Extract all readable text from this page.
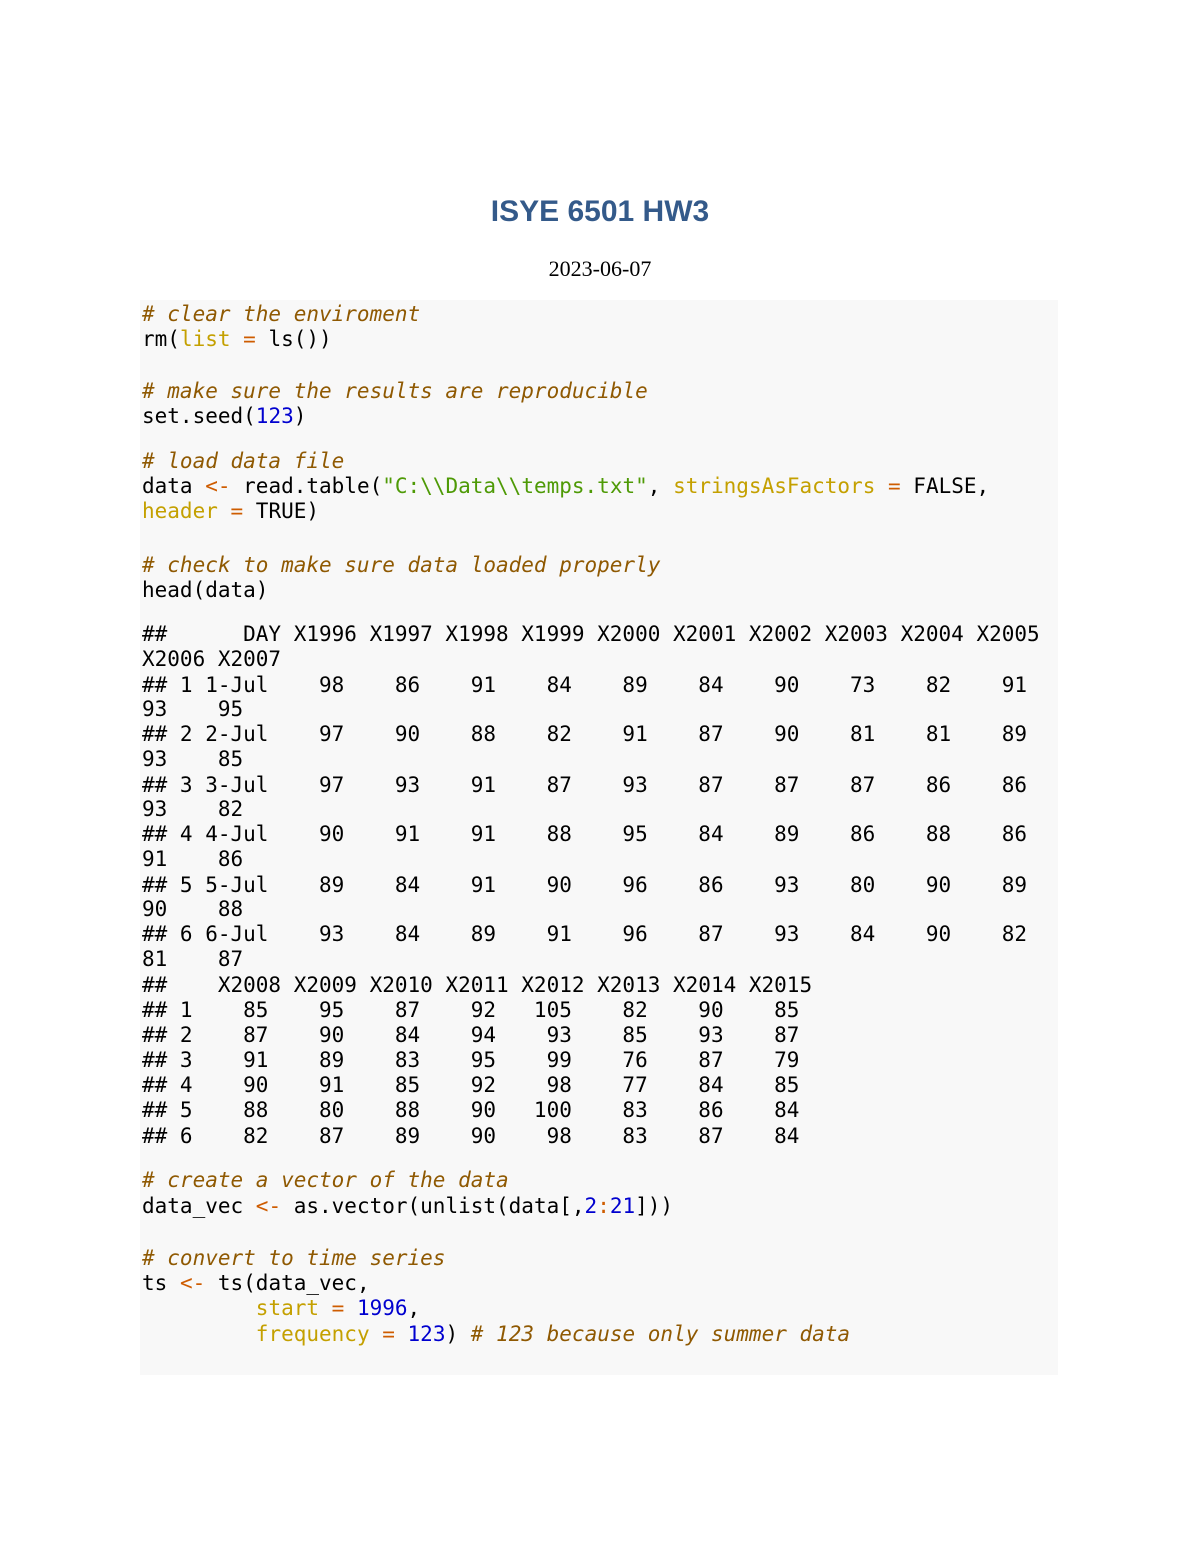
ISYE 6501 HW3
2023-06-07
# clear the enviroment
rm(list = ls())
# make sure the results are reproducible
set.seed(123)
# load data file
data <- read.table("C:\\Data\\temps.txt", stringsAsFactors = FALSE,
header = TRUE)
# check to make sure data loaded properly
head(data)
##      DAY X1996 X1997 X1998 X1999 X2000 X2001 X2002 X2003 X2004 X2005
X2006 X2007
## 1 1-Jul    98    86    91    84    89    84    90    73    82    91
93    95
## 2 2-Jul    97    90    88    82    91    87    90    81    81    89
93    85
## 3 3-Jul    97    93    91    87    93    87    87    87    86    86
93    82
## 4 4-Jul    90    91    91    88    95    84    89    86    88    86
91    86
## 5 5-Jul    89    84    91    90    96    86    93    80    90    89
90    88
## 6 6-Jul    93    84    89    91    96    87    93    84    90    82
81    87
##    X2008 X2009 X2010 X2011 X2012 X2013 X2014 X2015
## 1    85    95    87    92   105    82    90    85
## 2    87    90    84    94    93    85    93    87
## 3    91    89    83    95    99    76    87    79
## 4    90    91    85    92    98    77    84    85
## 5    88    80    88    90   100    83    86    84
## 6    82    87    89    90    98    83    87    84
# create a vector of the data
data_vec <- as.vector(unlist(data[,2:21]))
# convert to time series
ts <- ts(data_vec,
start = 1996,
frequency = 123) # 123 because only summer data
